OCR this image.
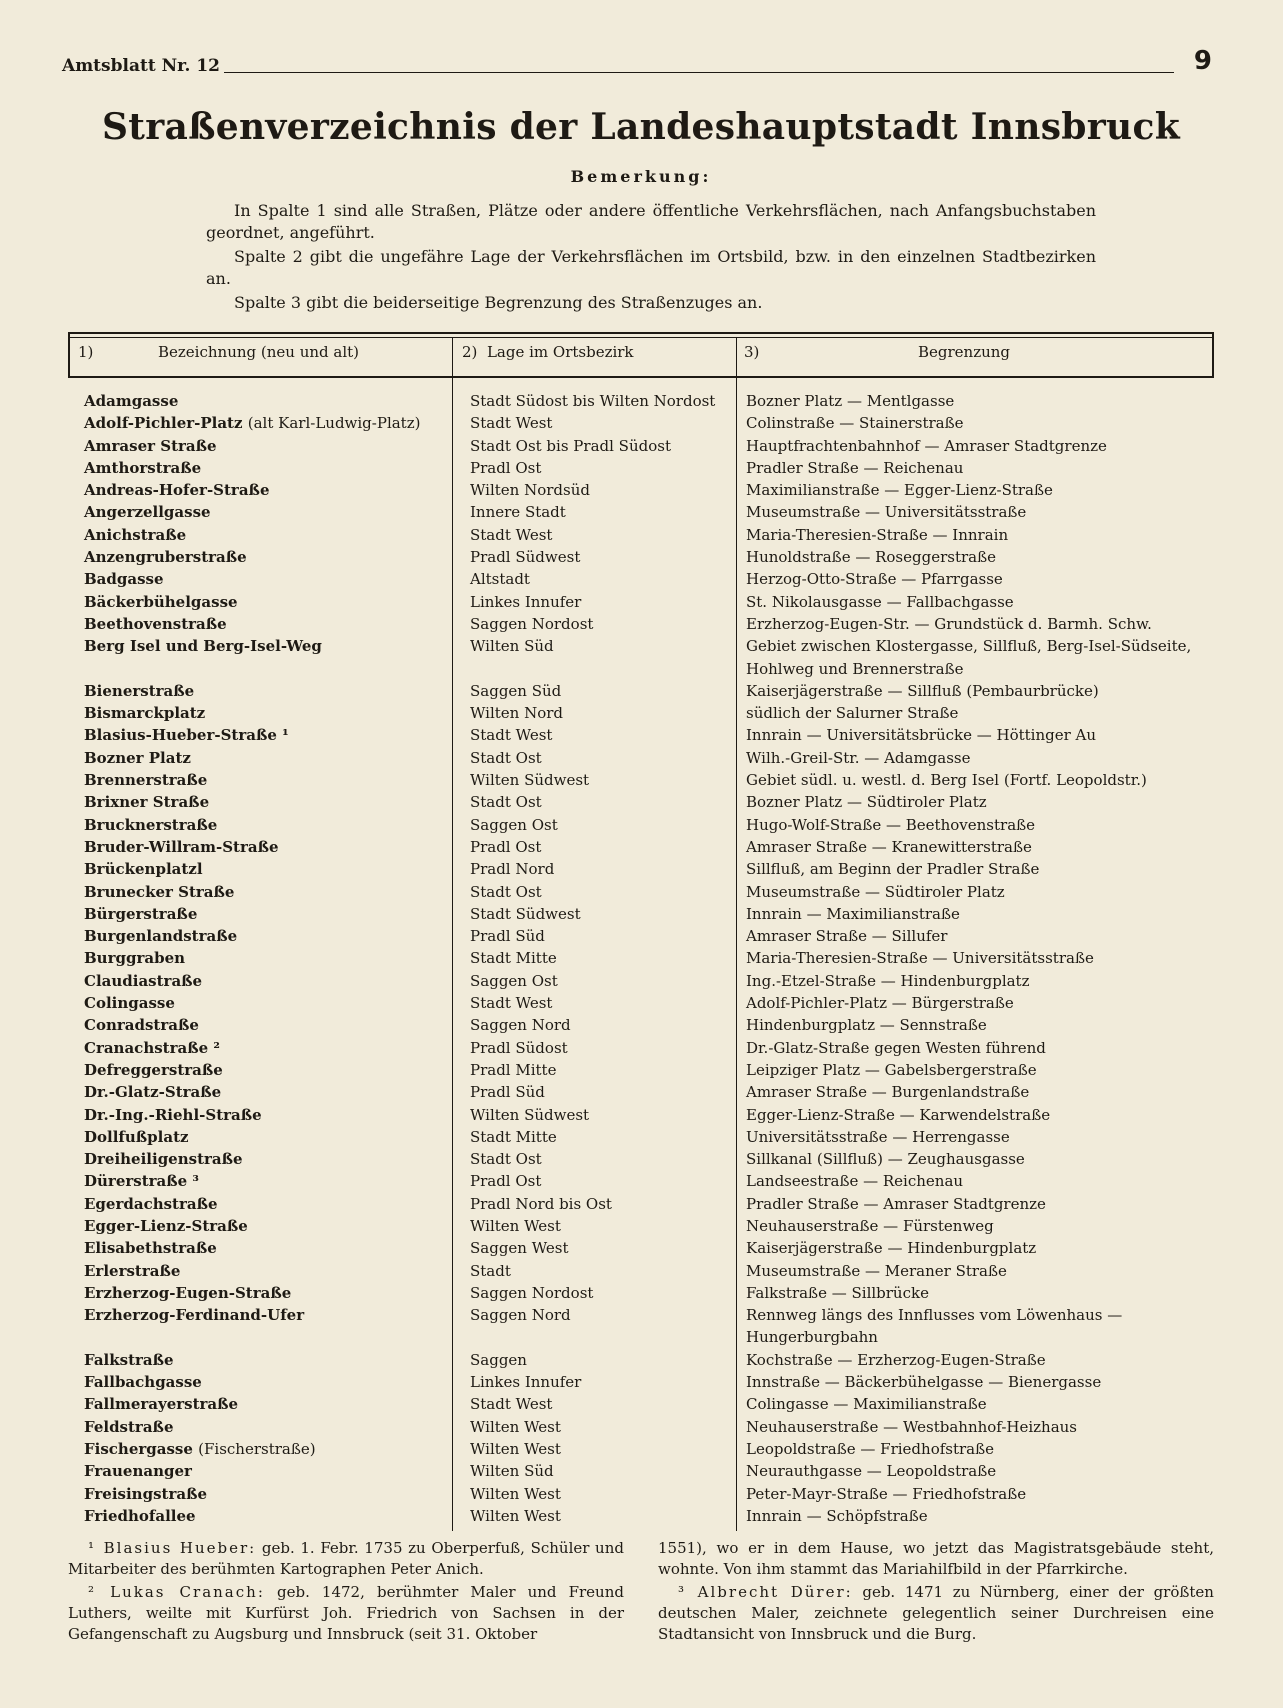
Amtsblatt Nr. 12	9
Straßenverzeichnis der Landeshauptstadt Innsbruck
Bemerkung:

In Spalte 1 sind alle Straßen, Plätze oder andere öffentliche Verkehrsflächen, nach Anfangsbuchstaben geordnet, angeführt.

Spalte 2 gibt die ungefähre Lage der Verkehrsflächen im Ortsbild, bzw. in den einzelnen Stadtbezirken an.

Spalte 3 gibt die beiderseitige Begrenzung des Straßenzuges an.

1)	Bezeichnung (neu und alt)	2) Lage im Ortsbezirk	3)	Begrenzung
Adamgasse	Stadt Südost bis Wilten Nordost	Bozner Platz — Mentlgasse
Adolf-Pichler-Platz (alt Karl-Ludwig-Platz)	Stadt West	Colinstraße — Stainerstraße
Amraser Straße	Stadt Ost bis Pradl Südost	Hauptfrachtenbahnhof — Amraser Stadtgrenze
Amthorstraße	Pradl Ost	Pradler Straße — Reichenau
Andreas-Hofer-Straße	Wilten Nordsüd	Maximilianstraße — Egger-Lienz-Straße
Angerzellgasse	Innere Stadt	Museumstraße — Universitätsstraße
Anichstraße	Stadt West	Maria-Theresien-Straße — Innrain
Anzengruberstraße	Pradl Südwest	Hunoldstraße — Roseggerstraße
Badgasse	Altstadt	Herzog-Otto-Straße — Pfarrgasse
Bäckerbühelgasse	Linkes Innufer	St. Nikolausgasse — Fallbachgasse
Beethovenstraße	Saggen Nordost	Erzherzog-Eugen-Str. — Grundstück d. Barmh. Schw.
Berg Isel und Berg-Isel-Weg	Wilten Süd	Gebiet zwischen Klostergasse, Sillfluß, Berg-Isel-Südseite, Hohlweg und Brennerstraße
Bienerstraße	Saggen Süd	Kaiserjägerstraße — Sillfluß (Pembaurbrücke)
Bismarckplatz	Wilten Nord	südlich der Salurner Straße
Blasius-Hueber-Straße ¹	Stadt West	Innrain — Universitätsbrücke — Höttinger Au
Bozner Platz	Stadt Ost	Wilh.-Greil-Str. — Adamgasse
Brennerstraße	Wilten Südwest	Gebiet südl. u. westl. d. Berg Isel (Fortf. Leopoldstr.)
Brixner Straße	Stadt Ost	Bozner Platz — Südtiroler Platz
Brucknerstraße	Saggen Ost	Hugo-Wolf-Straße — Beethovenstraße
Bruder-Willram-Straße	Pradl Ost	Amraser Straße — Kranewitterstraße
Brückenplatzl	Pradl Nord	Sillfluß, am Beginn der Pradler Straße
Brunecker Straße	Stadt Ost	Museumstraße — Südtiroler Platz
Bürgerstraße	Stadt Südwest	Innrain — Maximilianstraße
Burgenlandstraße	Pradl Süd	Amraser Straße — Sillufer
Burggraben	Stadt Mitte	Maria-Theresien-Straße — Universitätsstraße
Claudiastraße	Saggen Ost	Ing.-Etzel-Straße — Hindenburgplatz
Colingasse	Stadt West	Adolf-Pichler-Platz — Bürgerstraße
Conradstraße	Saggen Nord	Hindenburgplatz — Sennstraße
Cranachstraße ²	Pradl Südost	Dr.-Glatz-Straße gegen Westen führend
Defreggerstraße	Pradl Mitte	Leipziger Platz — Gabelsbergerstraße
Dr.-Glatz-Straße	Pradl Süd	Amraser Straße — Burgenlandstraße
Dr.-Ing.-Riehl-Straße	Wilten Südwest	Egger-Lienz-Straße — Karwendelstraße
Dollfußplatz	Stadt Mitte	Universitätsstraße — Herrengasse
Dreiheiligenstraße	Stadt Ost	Sillkanal (Sillfluß) — Zeughausgasse
Dürerstraße ³	Pradl Ost	Landseestraße — Reichenau
Egerdachstraße	Pradl Nord bis Ost	Pradler Straße — Amraser Stadtgrenze
Egger-Lienz-Straße	Wilten West	Neuhauserstraße — Fürstenweg
Elisabethstraße	Saggen West	Kaiserjägerstraße — Hindenburgplatz
Erlerstraße	Stadt	Museumstraße — Meraner Straße
Erzherzog-Eugen-Straße	Saggen Nordost	Falkstraße — Sillbrücke
Erzherzog-Ferdinand-Ufer	Saggen Nord	Rennweg längs des Innflusses vom Löwenhaus — Hungerburgbahn
Falkstraße	Saggen	Kochstraße — Erzherzog-Eugen-Straße
Fallbachgasse	Linkes Innufer	Innstraße — Bäckerbühelgasse — Bienergasse
Fallmerayerstraße	Stadt West	Colingasse — Maximilianstraße
Feldstraße	Wilten West	Neuhauserstraße — Westbahnhof-Heizhaus
Fischergasse (Fischerstraße)	Wilten West	Leopoldstraße — Friedhofstraße
Frauenanger	Wilten Süd	Neurauthgasse — Leopoldstraße
Freisingstraße	Wilten West	Peter-Mayr-Straße — Friedhofstraße
Friedhofallee	Wilten West	Innrain — Schöpfstraße

¹ Blasius Hueber: geb. 1. Febr. 1735 zu Oberperfuß, Schüler und Mitarbeiter des berühmten Kartographen Peter Anich.

² Lukas Cranach: geb. 1472, berühmter Maler und Freund Luthers, weilte mit Kurfürst Joh. Friedrich von Sachsen in der Gefangenschaft zu Augsburg und Innsbruck (seit 31. Oktober

1551), wo er in dem Hause, wo jetzt das Magistratsgebäude steht, wohnte. Von ihm stammt das Mariahilfbild in der Pfarrkirche.

³ Albrecht Dürer: geb. 1471 zu Nürnberg, einer der größten deutschen Maler, zeichnete gelegentlich seiner Durchreisen eine Stadtansicht von Innsbruck und die Burg.
